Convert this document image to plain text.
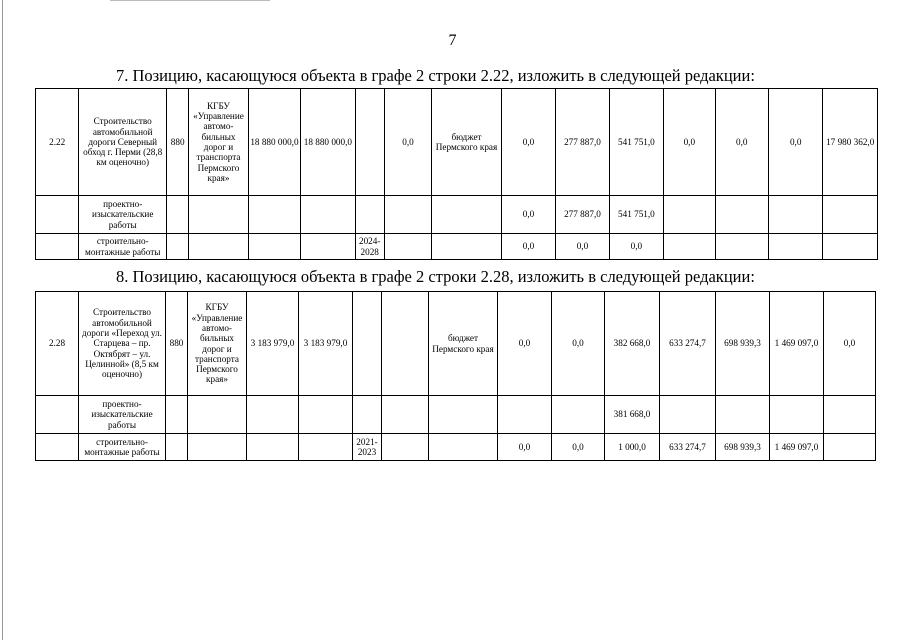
7
7. Позицию, касающуюся объекта в графе 2 строки 2.22, изложить в следующей редакции:
2.22	Строительство автомобильной дороги Северный обход г. Перми (28,8 км оценочно)	880	КГБУ «Управление автомо-бильных дорог и транспорта Пермского края»	18 880 000,0	18 880 000,0		0,0	бюджет Пермского края	0,0	277 887,0	541 751,0	0,0	0,0	0,0	17 980 362,0
	проектно-изыскательские работы								0,0	277 887,0	541 751,0				
	строительно-монтажные работы					2024-2028			0,0	0,0	0,0				
8. Позицию, касающуюся объекта в графе 2 строки 2.28, изложить в следующей редакции:
2.28	Строительство автомобильной дороги «Переход ул. Старцева – пр. Октябрят – ул. Целинной» (8,5 км оценочно)	880	КГБУ «Управление автомо-бильных дорог и транспорта Пермского края»	3 183 979,0	3 183 979,0			бюджет Пермского края	0,0	0,0	382 668,0	633 274,7	698 939,3	1 469 097,0	0,0
	проектно-изыскательские работы										381 668,0				
	строительно-монтажные работы					2021-2023			0,0	0,0	1 000,0	633 274,7	698 939,3	1 469 097,0	
